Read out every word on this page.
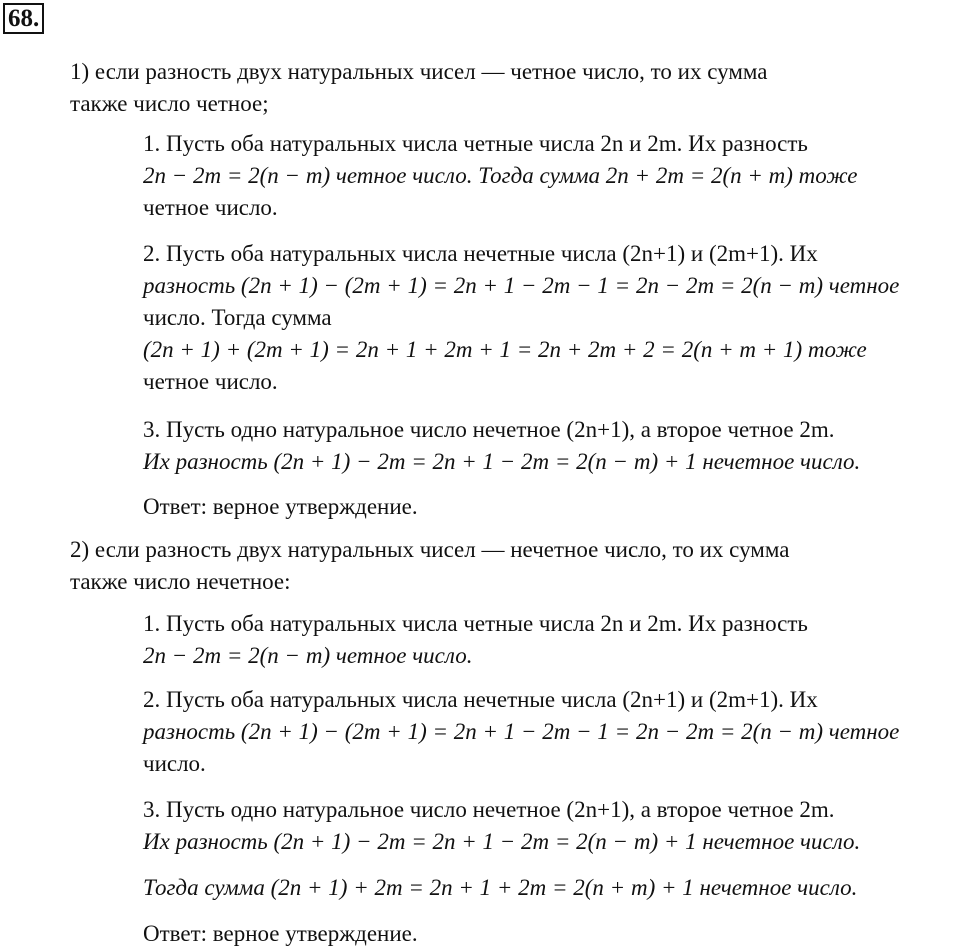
68.
1) если разность двух натуральных чисел — четное число, то их сумма
также число четное;
1. Пусть оба натуральных числа четные числа 2n и 2m. Их разность
2n − 2m = 2(n − m) четное число. Тогда сумма 2n + 2m = 2(n + m) тоже
четное число.
2. Пусть оба натуральных числа нечетные числа (2n+1) и (2m+1). Их
разность (2n + 1) − (2m + 1) = 2n + 1 − 2m − 1 = 2n − 2m = 2(n − m) четное
число. Тогда сумма
(2n + 1) + (2m + 1) = 2n + 1 + 2m + 1 = 2n + 2m + 2 = 2(n + m + 1) тоже
четное число.
3. Пусть одно натуральное число нечетное (2n+1), а второе четное 2m.
Их разность (2n + 1) − 2m = 2n + 1 − 2m = 2(n − m) + 1 нечетное число.
Ответ: верное утверждение.
2) если разность двух натуральных чисел — нечетное число, то их сумма
также число нечетное:
1. Пусть оба натуральных числа четные числа 2n и 2m. Их разность
2n − 2m = 2(n − m) четное число.
2. Пусть оба натуральных числа нечетные числа (2n+1) и (2m+1). Их
разность (2n + 1) − (2m + 1) = 2n + 1 − 2m − 1 = 2n − 2m = 2(n − m) четное
число.
3. Пусть одно натуральное число нечетное (2n+1), а второе четное 2m.
Их разность (2n + 1) − 2m = 2n + 1 − 2m = 2(n − m) + 1 нечетное число.
Тогда сумма (2n + 1) + 2m = 2n + 1 + 2m = 2(n + m) + 1 нечетное число.
Ответ: верное утверждение.
